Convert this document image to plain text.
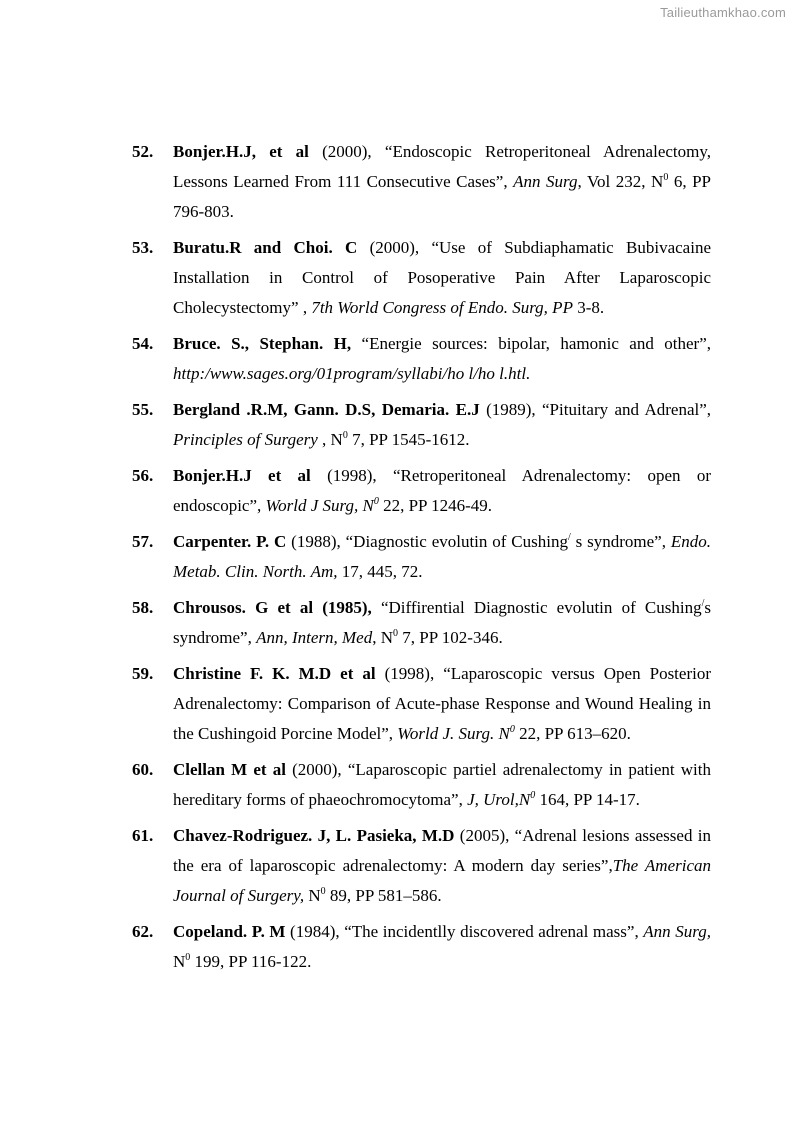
Tailieuthamkhao.com
52. Bonjer.H.J, et al (2000), “Endoscopic Retroperitoneal Adrenalectomy, Lessons Learned From 111 Consecutive Cases”, Ann Surg, Vol 232, $N^0$ 6, PP 796-803.
53. Buratu.R and Choi. C (2000), “Use of Subdiaphamatic Bubivacaine Installation in Control of Posoperative Pain After Laparoscopic Cholecystectomy” , 7th World Congress of Endo. Surg, PP 3-8.
54. Bruce. S., Stephan. H, “Energie sources: bipolar, hamonic and other”, http:/www.sages.org/01program/syllabi/ho l/ho l.htl.
55. Bergland .R.M, Gann. D.S, Demaria. E.J (1989), “Pituitary and Adrenal”, Principles of Surgery , $N^0$ 7, PP 1545-1612.
56. Bonjer.H.J et al (1998), “Retroperitoneal Adrenalectomy: open or endoscopic”, World J Surg, $N^0$ 22, PP 1246-49.
57. Carpenter. P. C (1988), “Diagnostic evolutin of Cushing/ s syndrome”, Endo. Metab. Clin. North. Am, 17, 445, 72.
58. Chrousos. G et al (1985), “Diffirential Diagnostic evolutin of Cushing/s syndrome”, Ann, Intern, Med, $N^0$ 7, PP 102-346.
59. Christine F. K. M.D et al (1998), “Laparoscopic versus Open Posterior Adrenalectomy: Comparison of Acute-phase Response and Wound Healing in the Cushingoid Porcine Model”, World J. Surg. $N^0$ 22, PP 613–620.
60. Clellan M et al (2000), “Laparoscopic partiel adrenalectomy in patient with hereditary forms of phaeochromocytoma”, J, $Urol,N^0$ 164, PP 14-17.
61. Chavez-Rodriguez. J, L. Pasieka, M.D (2005), “Adrenal lesions assessed in the era of laparoscopic adrenalectomy: A modern day series”,The American Journal of Surgery, $N^0$ 89, PP 581–586.
62. Copeland. P. M (1984), “The incidentlly discovered adrenal mass”, Ann Surg, $N^0$ 199, PP 116-122.
